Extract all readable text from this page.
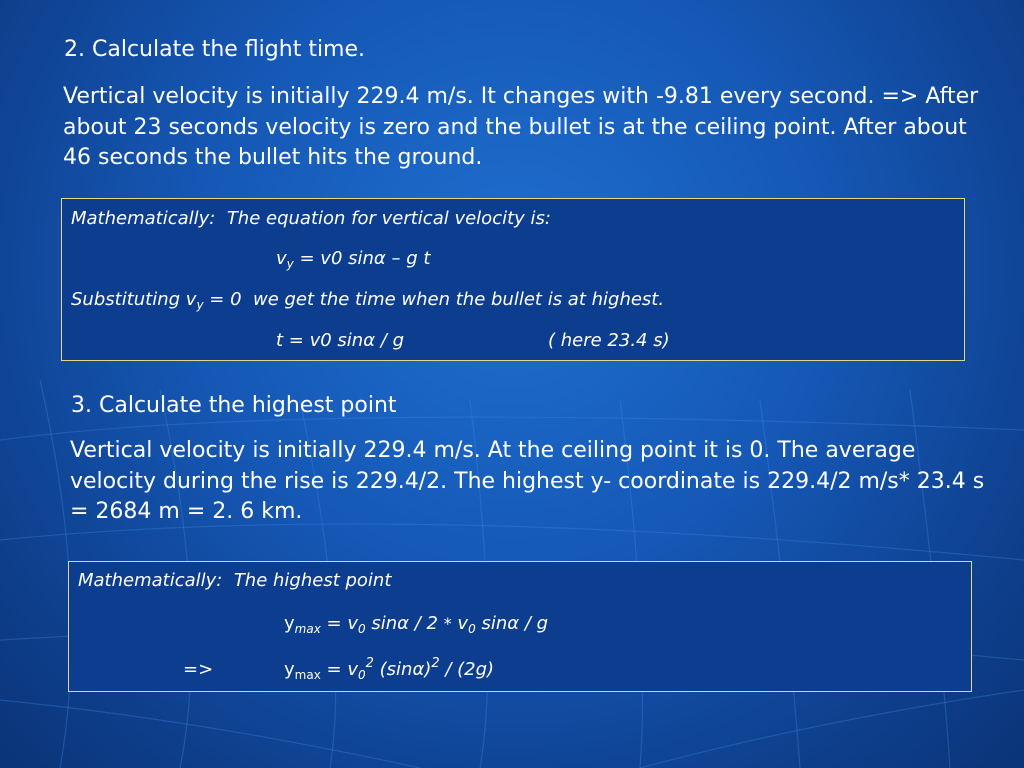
2. Calculate the flight time.

Vertical velocity is initially 229.4 m/s. It changes with -9.81 every second. => After about 23 seconds velocity is zero and the bullet is at the ceiling point. After about 46 seconds the bullet hits the ground.

Mathematically:  The equation for vertical velocity is:

$v_y = v0$ sinα – g t

Substituting $v_y = 0$  we get the time when the bullet is at highest.

t = v0 sinα / g	( here 23.4 s)

3. Calculate the highest point

Vertical velocity is initially 229.4 m/s. At the ceiling point it is 0. The average velocity during the rise is 229.4/2. The highest y- coordinate is 229.4/2 m/s* 23.4 s = 2684 m = 2. 6 km.

Mathematically:  The highest point

$y_{max} = v_0$ sinα / $2 * v_0$ sinα / g

=>	$y_{max} = v_0^2$ $(\sin\alpha)^2 / (2g)$
